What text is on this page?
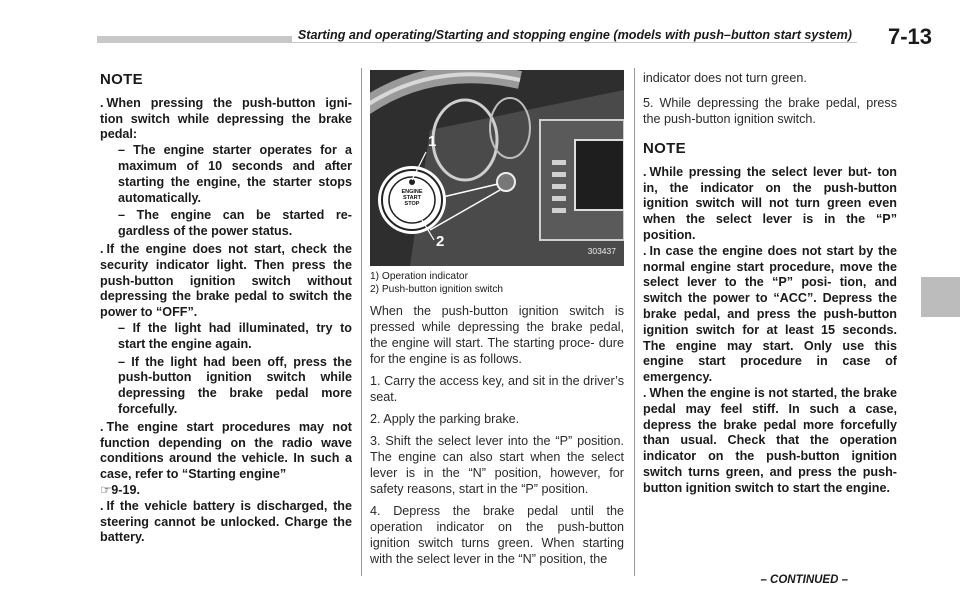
Starting and operating/Starting and stopping engine (models with push–button start system) 7-13
NOTE

. When pressing the push-button igni- tion switch while depressing the brake pedal:

– The engine starter operates for a maximum of 10 seconds and after starting the engine, the starter stops automatically.

– The engine can be started re- gardless of the power status.

. If the engine does not start, check the security indicator light. Then press the push-button ignition switch without depressing the brake pedal to switch the power to “OFF”.

– If the light had illuminated, try to start the engine again.

– If the light had been off, press the push-button ignition switch while depressing the brake pedal more forcefully.

. The engine start procedures may not function depending on the radio wave conditions around the vehicle. In such a case, refer to “Starting engine”
☞9-19.

. If the vehicle battery is discharged, the steering cannot be unlocked. Charge the battery.

1
2
ENGINE
START
STOP
303437
1) Operation indicator
2) Push-button ignition switch

When the push-button ignition switch is pressed while depressing the brake pedal, the engine will start. The starting proce- dure for the engine is as follows.

1. Carry the access key, and sit in the driver’s seat.

2. Apply the parking brake.

3. Shift the select lever into the “P” position. The engine can also start when the select lever is in the “N” position, however, for safety reasons, start in the “P” position.

4. Depress the brake pedal until the operation indicator on the push-button ignition switch turns green. When starting with the select lever in the “N” position, the

indicator does not turn green.

5. While depressing the brake pedal, press the push-button ignition switch.

NOTE

. While pressing the select lever but- ton in, the indicator on the push-button ignition switch will not turn green even when the select lever is in the “P” position.

. In case the engine does not start by the normal engine start procedure, move the select lever to the “P” posi- tion, and switch the power to “ACC”. Depress the brake pedal, and press the push-button ignition switch for at least 15 seconds. The engine may start. Only use this engine start procedure in case of emergency.

. When the engine is not started, the brake pedal may feel stiff. In such a case, depress the brake pedal more forcefully than usual. Check that the operation indicator on the push-button ignition switch turns green, and press the push-button ignition switch to start the engine.

– CONTINUED –
